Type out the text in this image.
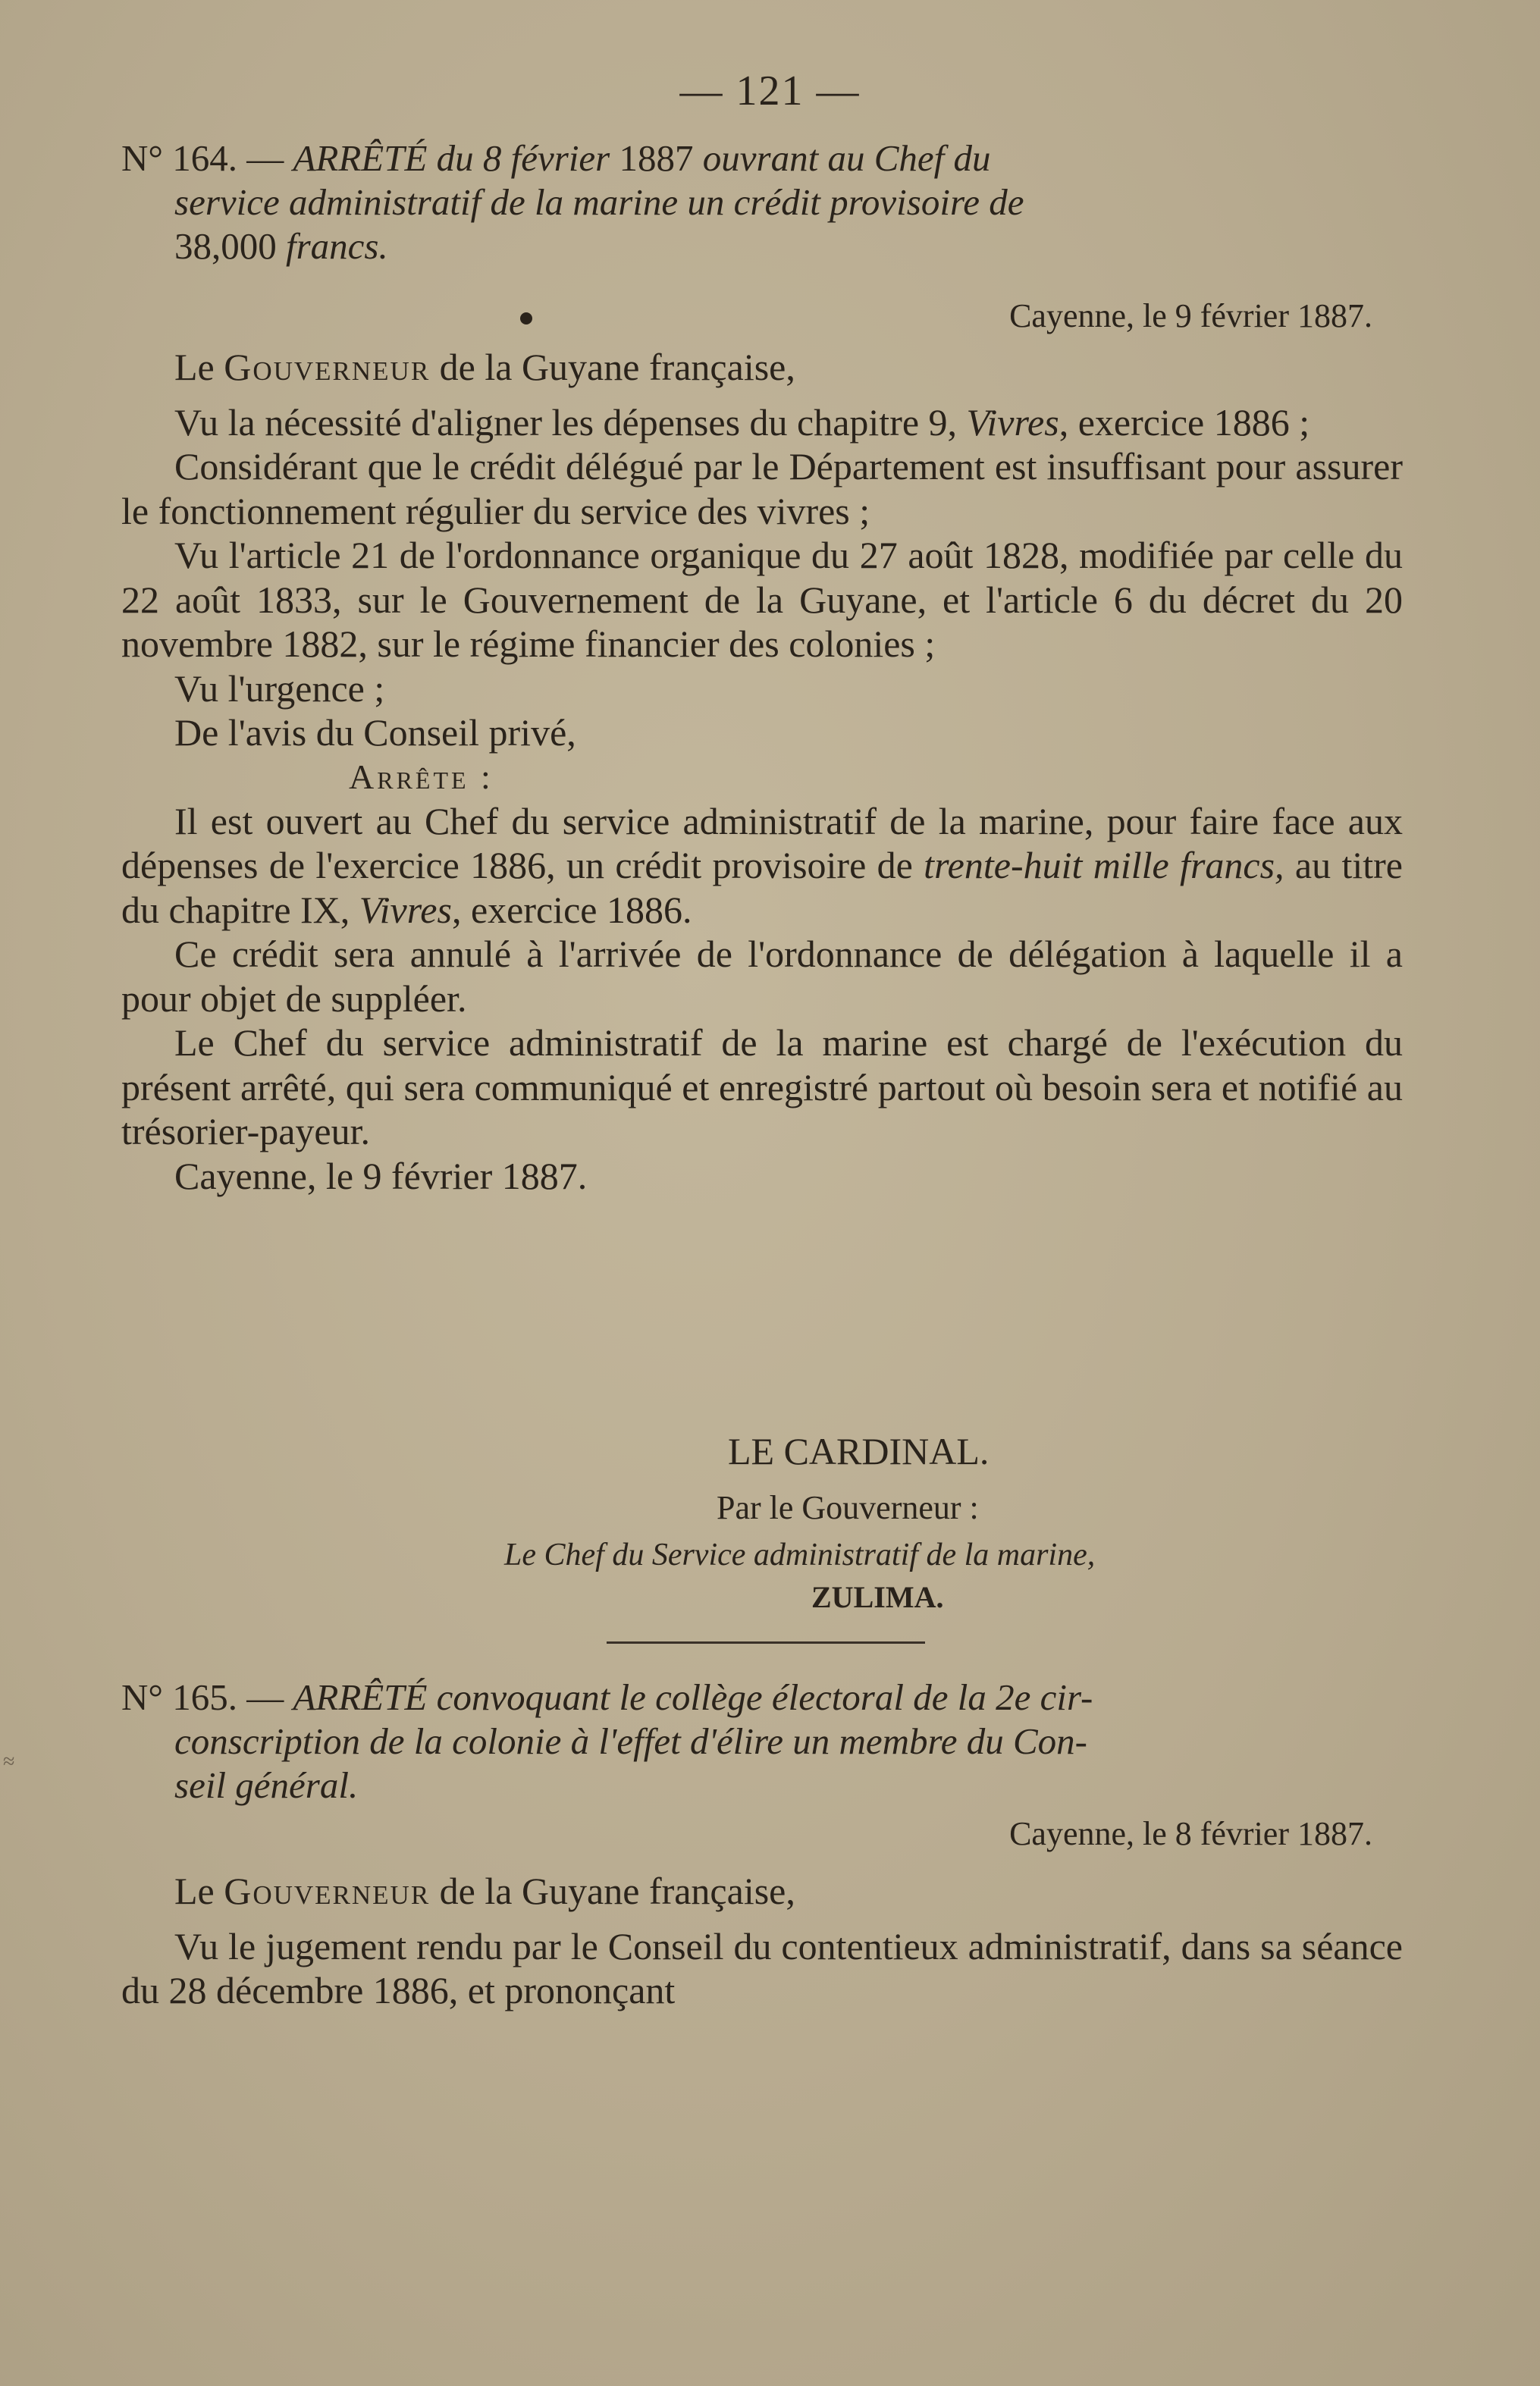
— 121 —

N° 164. — ARRÊTÉ du 8 février 1887 ouvrant au Chef du
service administratif de la marine un crédit provisoire de
38,000 francs.

Cayenne, le 9 février 1887.

Le Gouverneur de la Guyane française,

Vu la nécessité d'aligner les dépenses du chapitre 9, Vivres, exercice 1886 ;

Considérant que le crédit délégué par le Département est insuffisant pour assurer le fonctionnement régulier du service des vivres ;

Vu l'article 21 de l'ordonnance organique du 27 août 1828, modifiée par celle du 22 août 1833, sur le Gouvernement de la Guyane, et l'article 6 du décret du 20 novembre 1882, sur le régime financier des colonies ;

Vu l'urgence ;

De l'avis du Conseil privé,

Arrête :

Il est ouvert au Chef du service administratif de la marine, pour faire face aux dépenses de l'exercice 1886, un crédit provisoire de trente-huit mille francs, au titre du chapitre IX, Vivres, exercice 1886.

Ce crédit sera annulé à l'arrivée de l'ordonnance de délégation à laquelle il a pour objet de suppléer.

Le Chef du service administratif de la marine est chargé de l'exécution du présent arrêté, qui sera communiqué et enregistré partout où besoin sera et notifié au trésorier-payeur.

Cayenne, le 9 février 1887.

LE CARDINAL.

Par le Gouverneur :

Le Chef du Service administratif de la marine,

ZULIMA.

N° 165. — ARRÊTÉ convoquant le collège électoral de la 2e cir-
conscription de la colonie à l'effet d'élire un membre du Con-
seil général.

Cayenne, le 8 février 1887.

Le Gouverneur de la Guyane française,

Vu le jugement rendu par le Conseil du contentieux administratif, dans sa séance du 28 décembre 1886, et prononçant

≈
